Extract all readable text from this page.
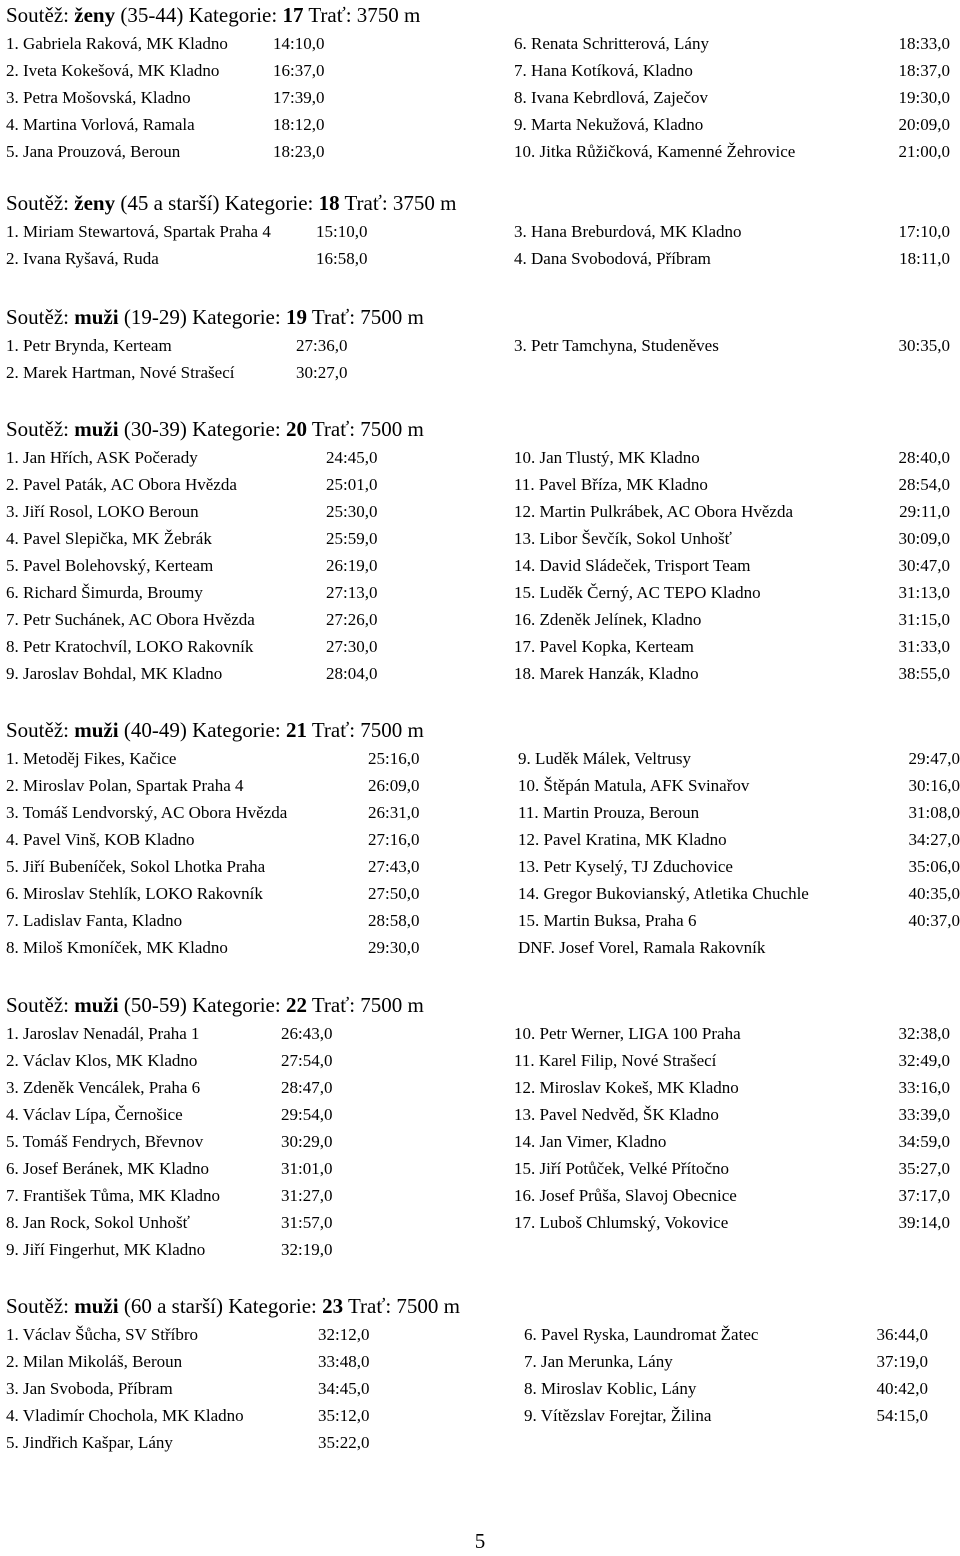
Soutěž: ženy (35-44) Kategorie: 17 Trať: 3750 m
1. Gabriela Raková, MK Kladno	14:10,0	6. Renata Schritterová, Lány	18:33,0
2. Iveta Kokešová, MK Kladno	16:37,0	7. Hana Kotíková, Kladno	18:37,0
3. Petra Mošovská, Kladno	17:39,0	8. Ivana Kebrdlová, Zaječov	19:30,0
4. Martina Vorlová, Ramala	18:12,0	9. Marta Nekužová, Kladno	20:09,0
5. Jana Prouzová, Beroun	18:23,0	10. Jitka Růžičková, Kamenné Žehrovice	21:00,0
Soutěž: ženy (45 a starší) Kategorie: 18 Trať: 3750 m
1. Miriam Stewartová, Spartak Praha 4	15:10,0	3. Hana Breburdová, MK Kladno	17:10,0
2. Ivana Ryšavá, Ruda	16:58,0	4. Dana Svobodová, Příbram	18:11,0
Soutěž: muži (19-29) Kategorie: 19 Trať: 7500 m
1. Petr Brynda, Kerteam	27:36,0	3. Petr Tamchyna, Studeněves	30:35,0
2. Marek Hartman, Nové Strašecí	30:27,0
Soutěž: muži (30-39) Kategorie: 20 Trať: 7500 m
1. Jan Hřích, ASK Počerady	24:45,0	10. Jan Tlustý, MK Kladno	28:40,0
2. Pavel Paták, AC Obora Hvězda	25:01,0	11. Pavel Bříza, MK Kladno	28:54,0
3. Jiří Rosol, LOKO Beroun	25:30,0	12. Martin Pulkrábek, AC Obora Hvězda	29:11,0
4. Pavel Slepička, MK Žebrák	25:59,0	13. Libor Ševčík, Sokol Unhošť	30:09,0
5. Pavel Bolehovský, Kerteam	26:19,0	14. David Sládeček, Trisport Team	30:47,0
6. Richard Šimurda, Broumy	27:13,0	15. Luděk Černý, AC TEPO Kladno	31:13,0
7. Petr Suchánek, AC Obora Hvězda	27:26,0	16. Zdeněk Jelínek, Kladno	31:15,0
8. Petr Kratochvíl, LOKO Rakovník	27:30,0	17. Pavel Kopka, Kerteam	31:33,0
9. Jaroslav Bohdal, MK Kladno	28:04,0	18. Marek Hanzák, Kladno	38:55,0
Soutěž: muži (40-49) Kategorie: 21 Trať: 7500 m
1. Metoděj Fikes, Kačice	25:16,0	9. Luděk Málek, Veltrusy	29:47,0
2. Miroslav Polan, Spartak Praha 4	26:09,0	10. Štěpán Matula, AFK Svinařov	30:16,0
3. Tomáš Lendvorský, AC Obora Hvězda	26:31,0	11. Martin Prouza, Beroun	31:08,0
4. Pavel Vinš, KOB Kladno	27:16,0	12. Pavel Kratina, MK Kladno	34:27,0
5. Jiří Bubeníček, Sokol Lhotka Praha	27:43,0	13. Petr Kyselý, TJ Zduchovice	35:06,0
6. Miroslav Stehlík, LOKO Rakovník	27:50,0	14. Gregor Bukovianský, Atletika Chuchle	40:35,0
7. Ladislav Fanta, Kladno	28:58,0	15. Martin Buksa, Praha 6	40:37,0
8. Miloš Kmoníček, MK Kladno	29:30,0	DNF. Josef Vorel, Ramala Rakovník
Soutěž: muži (50-59) Kategorie: 22 Trať: 7500 m
1. Jaroslav Nenadál, Praha 1	26:43,0	10. Petr Werner, LIGA 100 Praha	32:38,0
2. Václav Klos, MK Kladno	27:54,0	11. Karel Filip, Nové Strašecí	32:49,0
3. Zdeněk Vencálek, Praha 6	28:47,0	12. Miroslav Kokeš, MK Kladno	33:16,0
4. Václav Lípa, Černošice	29:54,0	13. Pavel Nedvěd, ŠK Kladno	33:39,0
5. Tomáš Fendrych, Břevnov	30:29,0	14. Jan Vimer, Kladno	34:59,0
6. Josef Beránek, MK Kladno	31:01,0	15. Jiří Potůček, Velké Přítočno	35:27,0
7. František Tůma, MK Kladno	31:27,0	16. Josef Průša, Slavoj Obecnice	37:17,0
8. Jan Rock, Sokol Unhošť	31:57,0	17. Luboš Chlumský, Vokovice	39:14,0
9. Jiří Fingerhut, MK Kladno	32:19,0
Soutěž: muži (60 a starší) Kategorie: 23 Trať: 7500 m
1. Václav Šůcha, SV Stříbro	32:12,0	6. Pavel Ryska, Laundromat Žatec	36:44,0
2. Milan Mikoláš, Beroun	33:48,0	7. Jan Merunka, Lány	37:19,0
3. Jan Svoboda, Příbram	34:45,0	8. Miroslav Koblic, Lány	40:42,0
4. Vladimír Chochola, MK Kladno	35:12,0	9. Vítězslav Forejtar, Žilina	54:15,0
5. Jindřich Kašpar, Lány	35:22,0
5
